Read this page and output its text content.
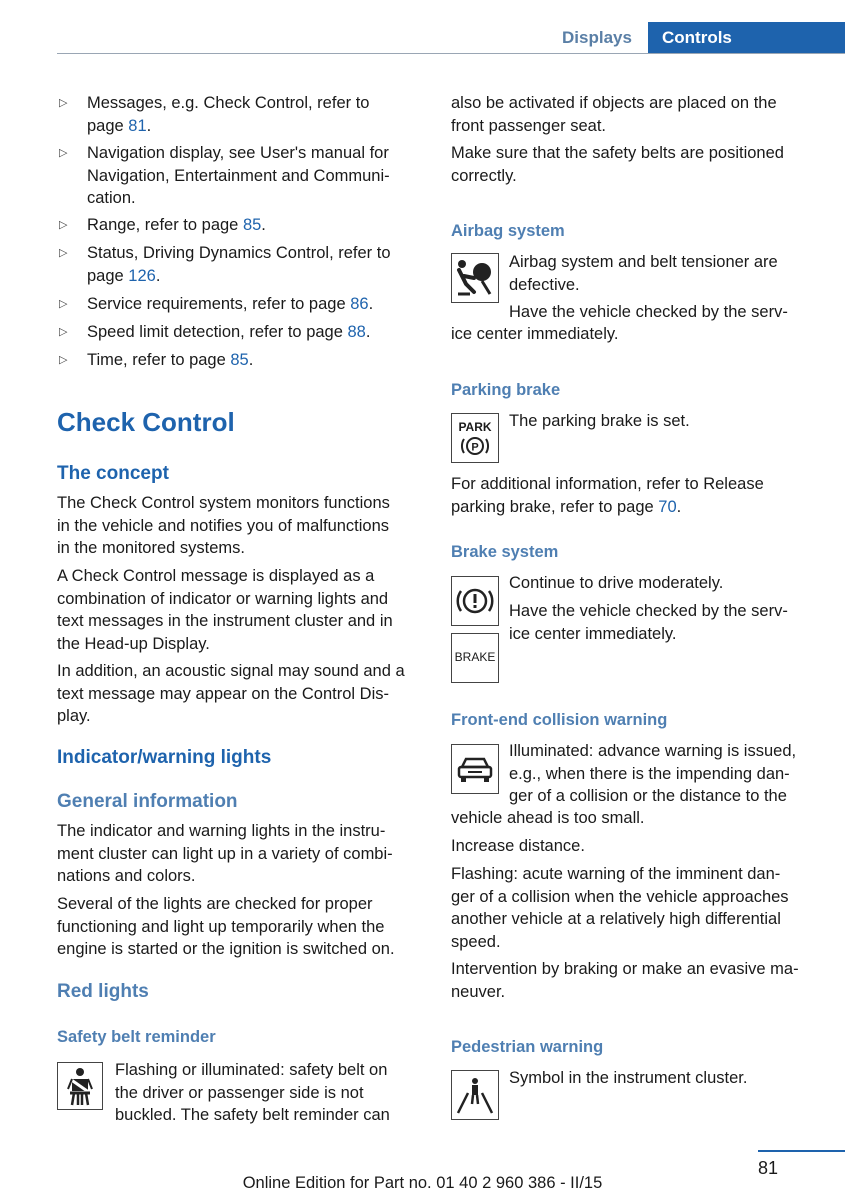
Displays	Controls
▷ Messages, e.g. Check Control, refer to
page 81.
▷ Navigation display, see User's manual for
Navigation, Entertainment and Communi-
cation.
▷ Range, refer to page 85.
▷ Status, Driving Dynamics Control, refer to
page 126.
▷ Service requirements, refer to page 86.
▷ Speed limit detection, refer to page 88.
▷ Time, refer to page 85.
Check Control
The concept

The Check Control system monitors functions
in the vehicle and notifies you of malfunctions
in the monitored systems.

A Check Control message is displayed as a
combination of indicator or warning lights and
text messages in the instrument cluster and in
the Head-up Display.

In addition, an acoustic signal may sound and a
text message may appear on the Control Dis-
play.

Indicator/warning lights
General information

The indicator and warning lights in the instru-
ment cluster can light up in a variety of combi-
nations and colors.

Several of the lights are checked for proper
functioning and light up temporarily when the
engine is started or the ignition is switched on.

Red lights
Safety belt reminder
Flashing or illuminated: safety belt on
the driver or passenger side is not
buckled. The safety belt reminder can

also be activated if objects are placed on the
front passenger seat.

Make sure that the safety belts are positioned
correctly.

Airbag system
Airbag system and belt tensioner are
defective.
Have the vehicle checked by the serv-
ice center immediately.
Parking brake
PARK
P
The parking brake is set.

For additional information, refer to Release
parking brake, refer to page 70.

Brake system
BRAKE
Continue to drive moderately.
Have the vehicle checked by the serv-
ice center immediately.
Front-end collision warning
Illuminated: advance warning is issued,
e.g., when there is the impending dan-
ger of a collision or the distance to the
vehicle ahead is too small.
Increase distance.

Flashing: acute warning of the imminent dan-
ger of a collision when the vehicle approaches
another vehicle at a relatively high differential
speed.

Intervention by braking or make an evasive ma-
neuver.

Pedestrian warning
Symbol in the instrument cluster.
81
Online Edition for Part no. 01 40 2 960 386 - II/15
